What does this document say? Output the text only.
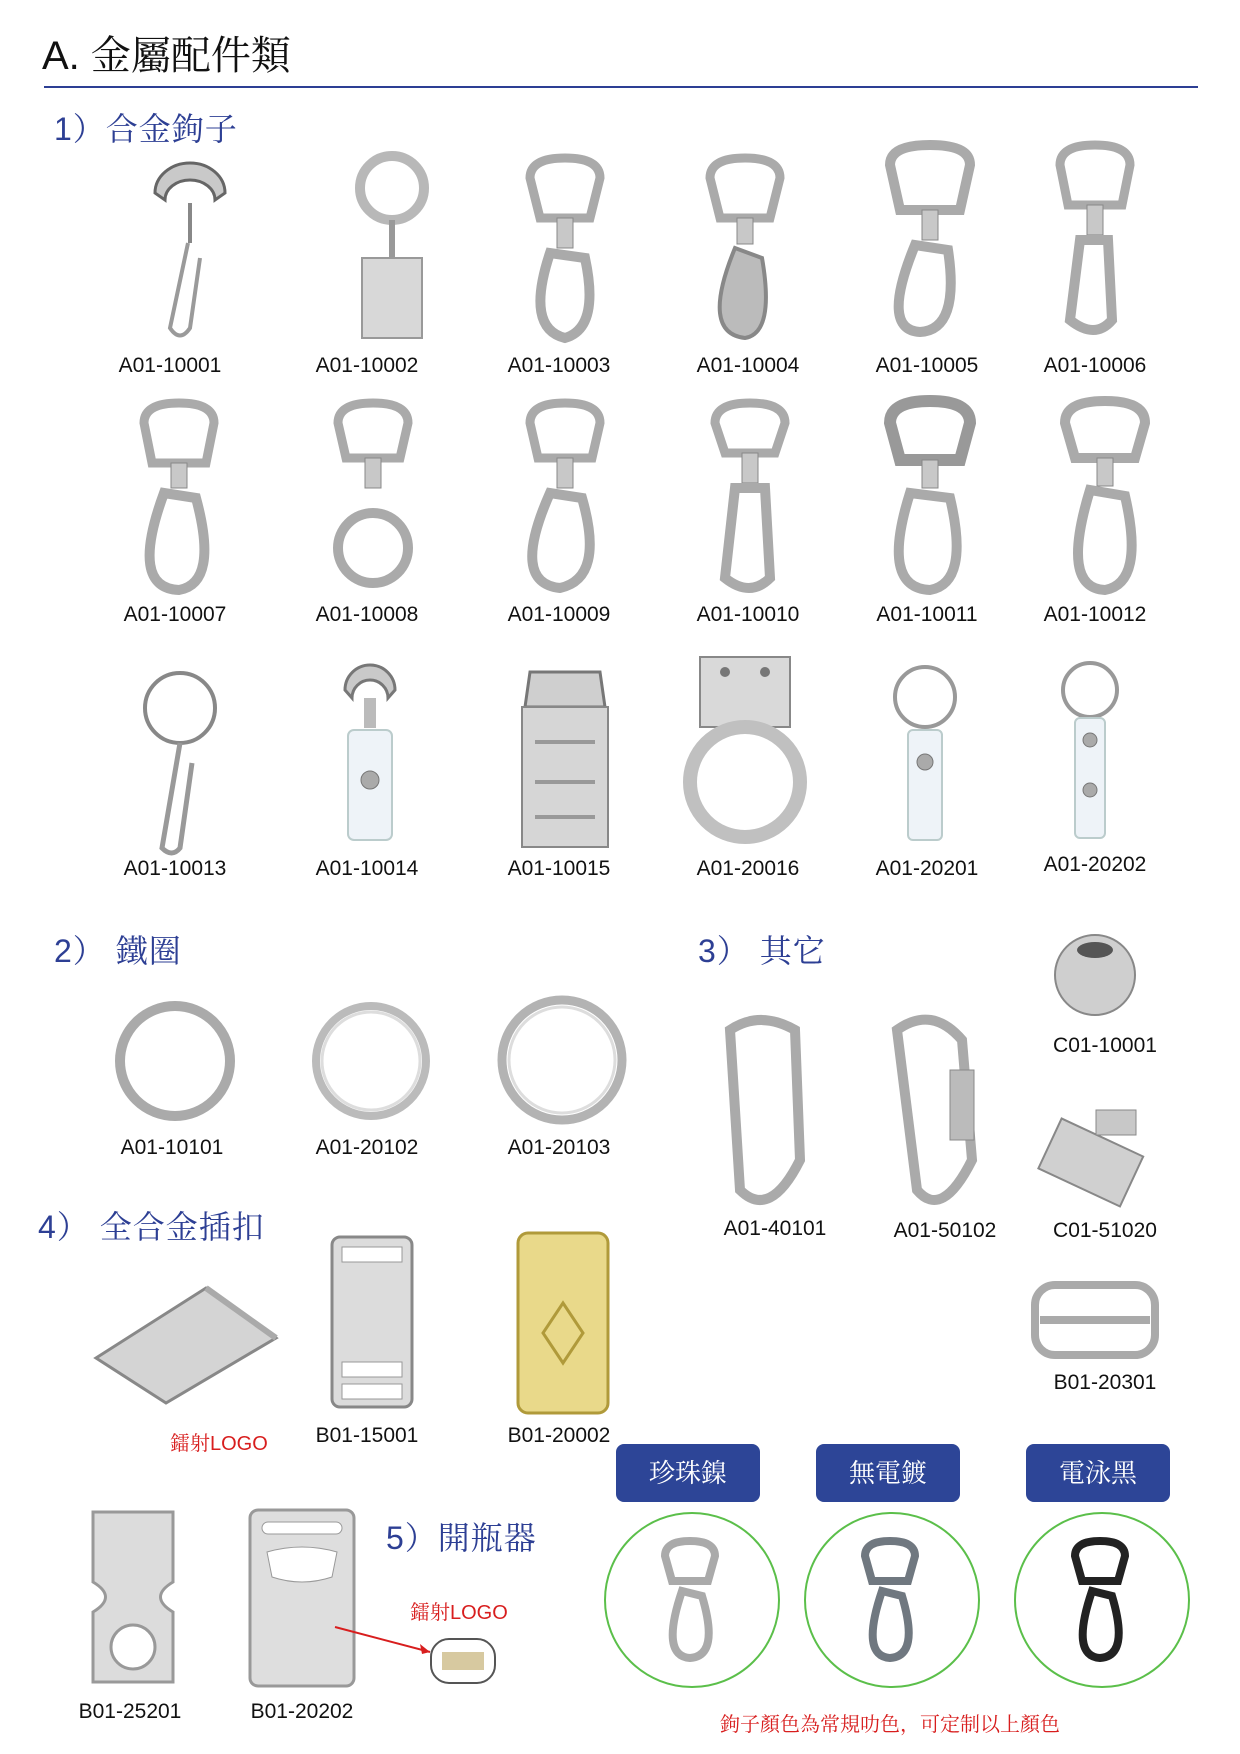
A. 金屬配件類
1）合金鉤子
2） 鐵圈	3） 其它
A01-40101	A01-50102
C01-10001
C01-51020
B01-20301
A01-10101	A01-20102	A01-20103
4） 全合金插扣
鐳射LOGO	B01-15001	B01-20002
5）開瓶器
鐳射LOGO
B01-25201	B01-20202
珍珠鎳	無電鍍	電泳黑
鉤子顏色為常規叻色，可定制以上顏色
A01-10001	A01-10002	A01-10003	A01-10004	A01-10005	A01-10006
A01-10007	A01-10008	A01-10009	A01-10010	A01-10011	A01-10012
A01-10013	A01-10014	A01-10015	A01-20016	A01-20201	A01-20202
